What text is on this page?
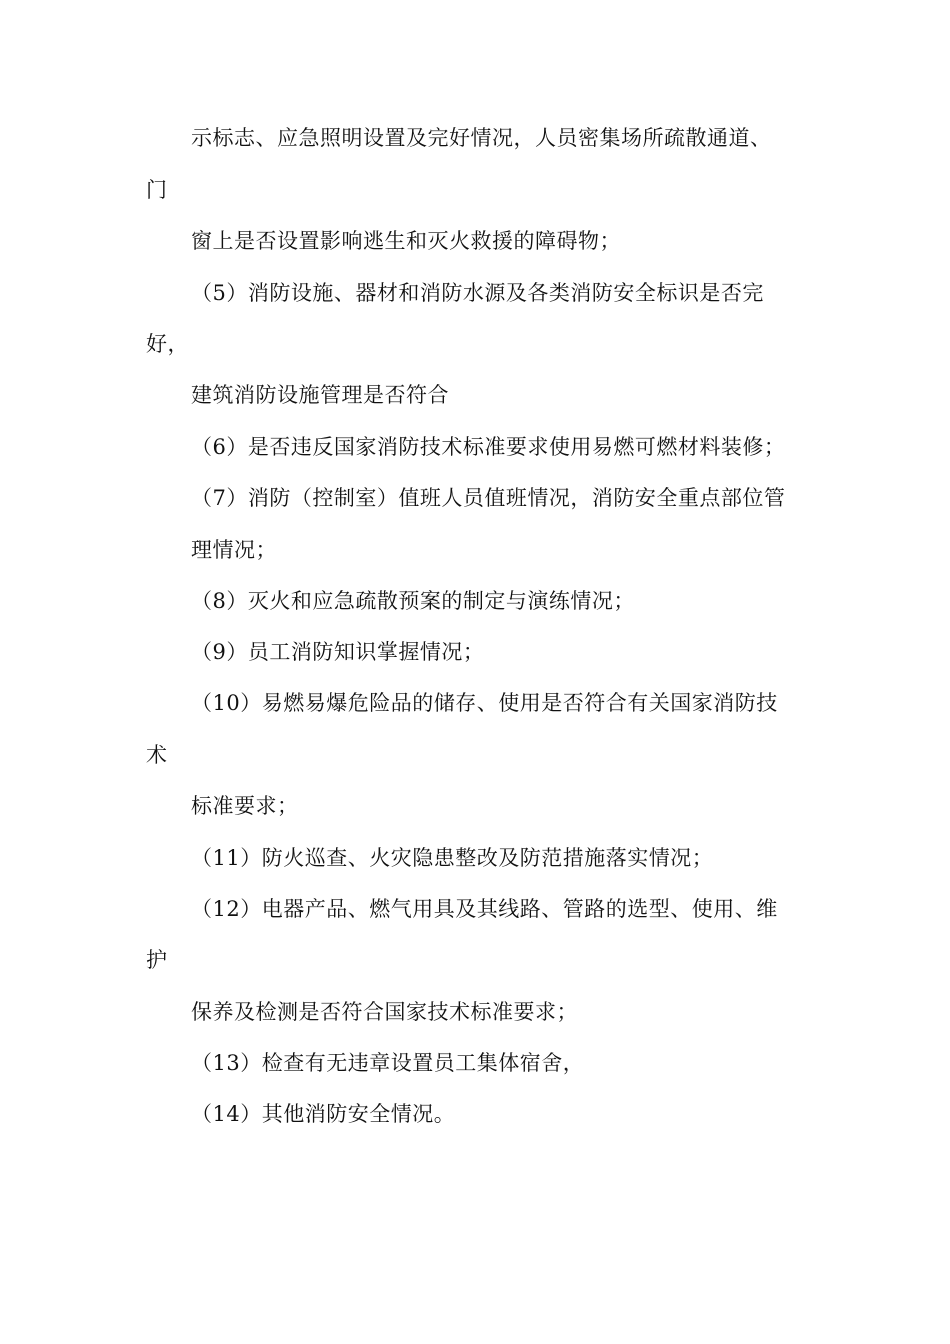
示标志、应急照明设置及完好情况，人员密集场所疏散通道、
门
窗上是否设置影响逃生和灭火救援的障碍物；
（5）消防设施、器材和消防水源及各类消防安全标识是否完
好，
建筑消防设施管理是否符合
（6）是否违反国家消防技术标准要求使用易燃可燃材料装修；
（7）消防（控制室）值班人员值班情况，消防安全重点部位管
理情况；
（8）灭火和应急疏散预案的制定与演练情况；
（9）员工消防知识掌握情况；
（10）易燃易爆危险品的储存、使用是否符合有关国家消防技
术
标准要求；
（11）防火巡查、火灾隐患整改及防范措施落实情况；
（12）电器产品、燃气用具及其线路、管路的选型、使用、维
护
保养及检测是否符合国家技术标准要求；
（13）检查有无违章设置员工集体宿舍，
（14）其他消防安全情况。
